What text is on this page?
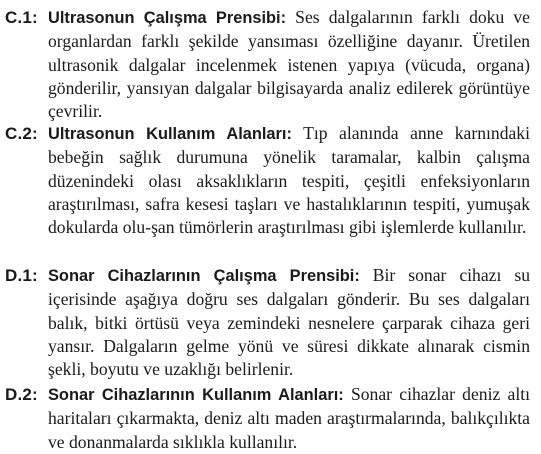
C.1: Ultrasonun Çalışma Prensibi: Ses dalgalarının farklı doku ve organlardan farklı şekilde yansıması özelliğine dayanır. Üretilen ultrasonik dalgalar incelenmek istenen yapıya (vücuda, organa) gönderilir, yansıyan dalgalar bilgisayarda analiz edilerek görüntüye çevrilir.
C.2: Ultrasonun Kullanım Alanları: Tıp alanında anne karnındaki bebeğin sağlık durumuna yönelik taramalar, kalbin çalışma düzenindeki olası aksaklıkların tespiti, çeşitli enfeksiyonların araştırılması, safra kesesi taşları ve hastalıklarının tespiti, yumuşak dokularda olu-şan tümörlerin araştırılması gibi işlemlerde kullanılır.
D.1: Sonar Cihazlarının Çalışma Prensibi: Bir sonar cihazı su içerisinde aşağıya doğru ses dalgaları gönderir. Bu ses dalgaları balık, bitki örtüsü veya zemindeki nesnelere çarparak cihaza geri yansır. Dalgaların gelme yönü ve süresi dikkate alınarak cismin şekli, boyutu ve uzaklığı belirlenir.
D.2: Sonar Cihazlarının Kullanım Alanları: Sonar cihazlar deniz altı haritaları çıkarmakta, deniz altı maden araştırmalarında, balıkçılıkta ve donanmalarda sıklıkla kullanılır.
